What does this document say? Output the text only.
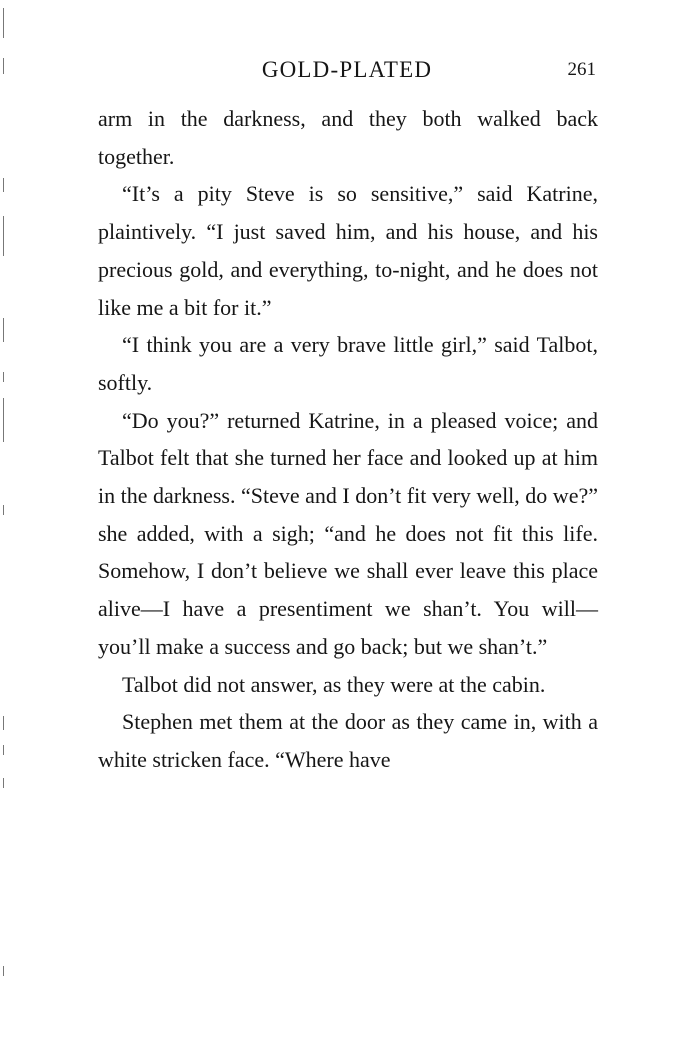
GOLD-PLATED	261

arm in the darkness, and they both walked back together.

“It’s a pity Steve is so sensitive,” said Katrine, plaintively. “I just saved him, and his house, and his precious gold, and everything, to-night, and he does not like me a bit for it.”

“I think you are a very brave little girl,” said Talbot, softly.

“Do you?” returned Katrine, in a pleased voice; and Talbot felt that she turned her face and looked up at him in the darkness. “Steve and I don’t fit very well, do we?” she added, with a sigh; “and he does not fit this life. Somehow, I don’t believe we shall ever leave this place alive—I have a presentiment we shan’t. You will—you’ll make a success and go back; but we shan’t.”

Talbot did not answer, as they were at the cabin.

Stephen met them at the door as they came in, with a white stricken face. “Where have
